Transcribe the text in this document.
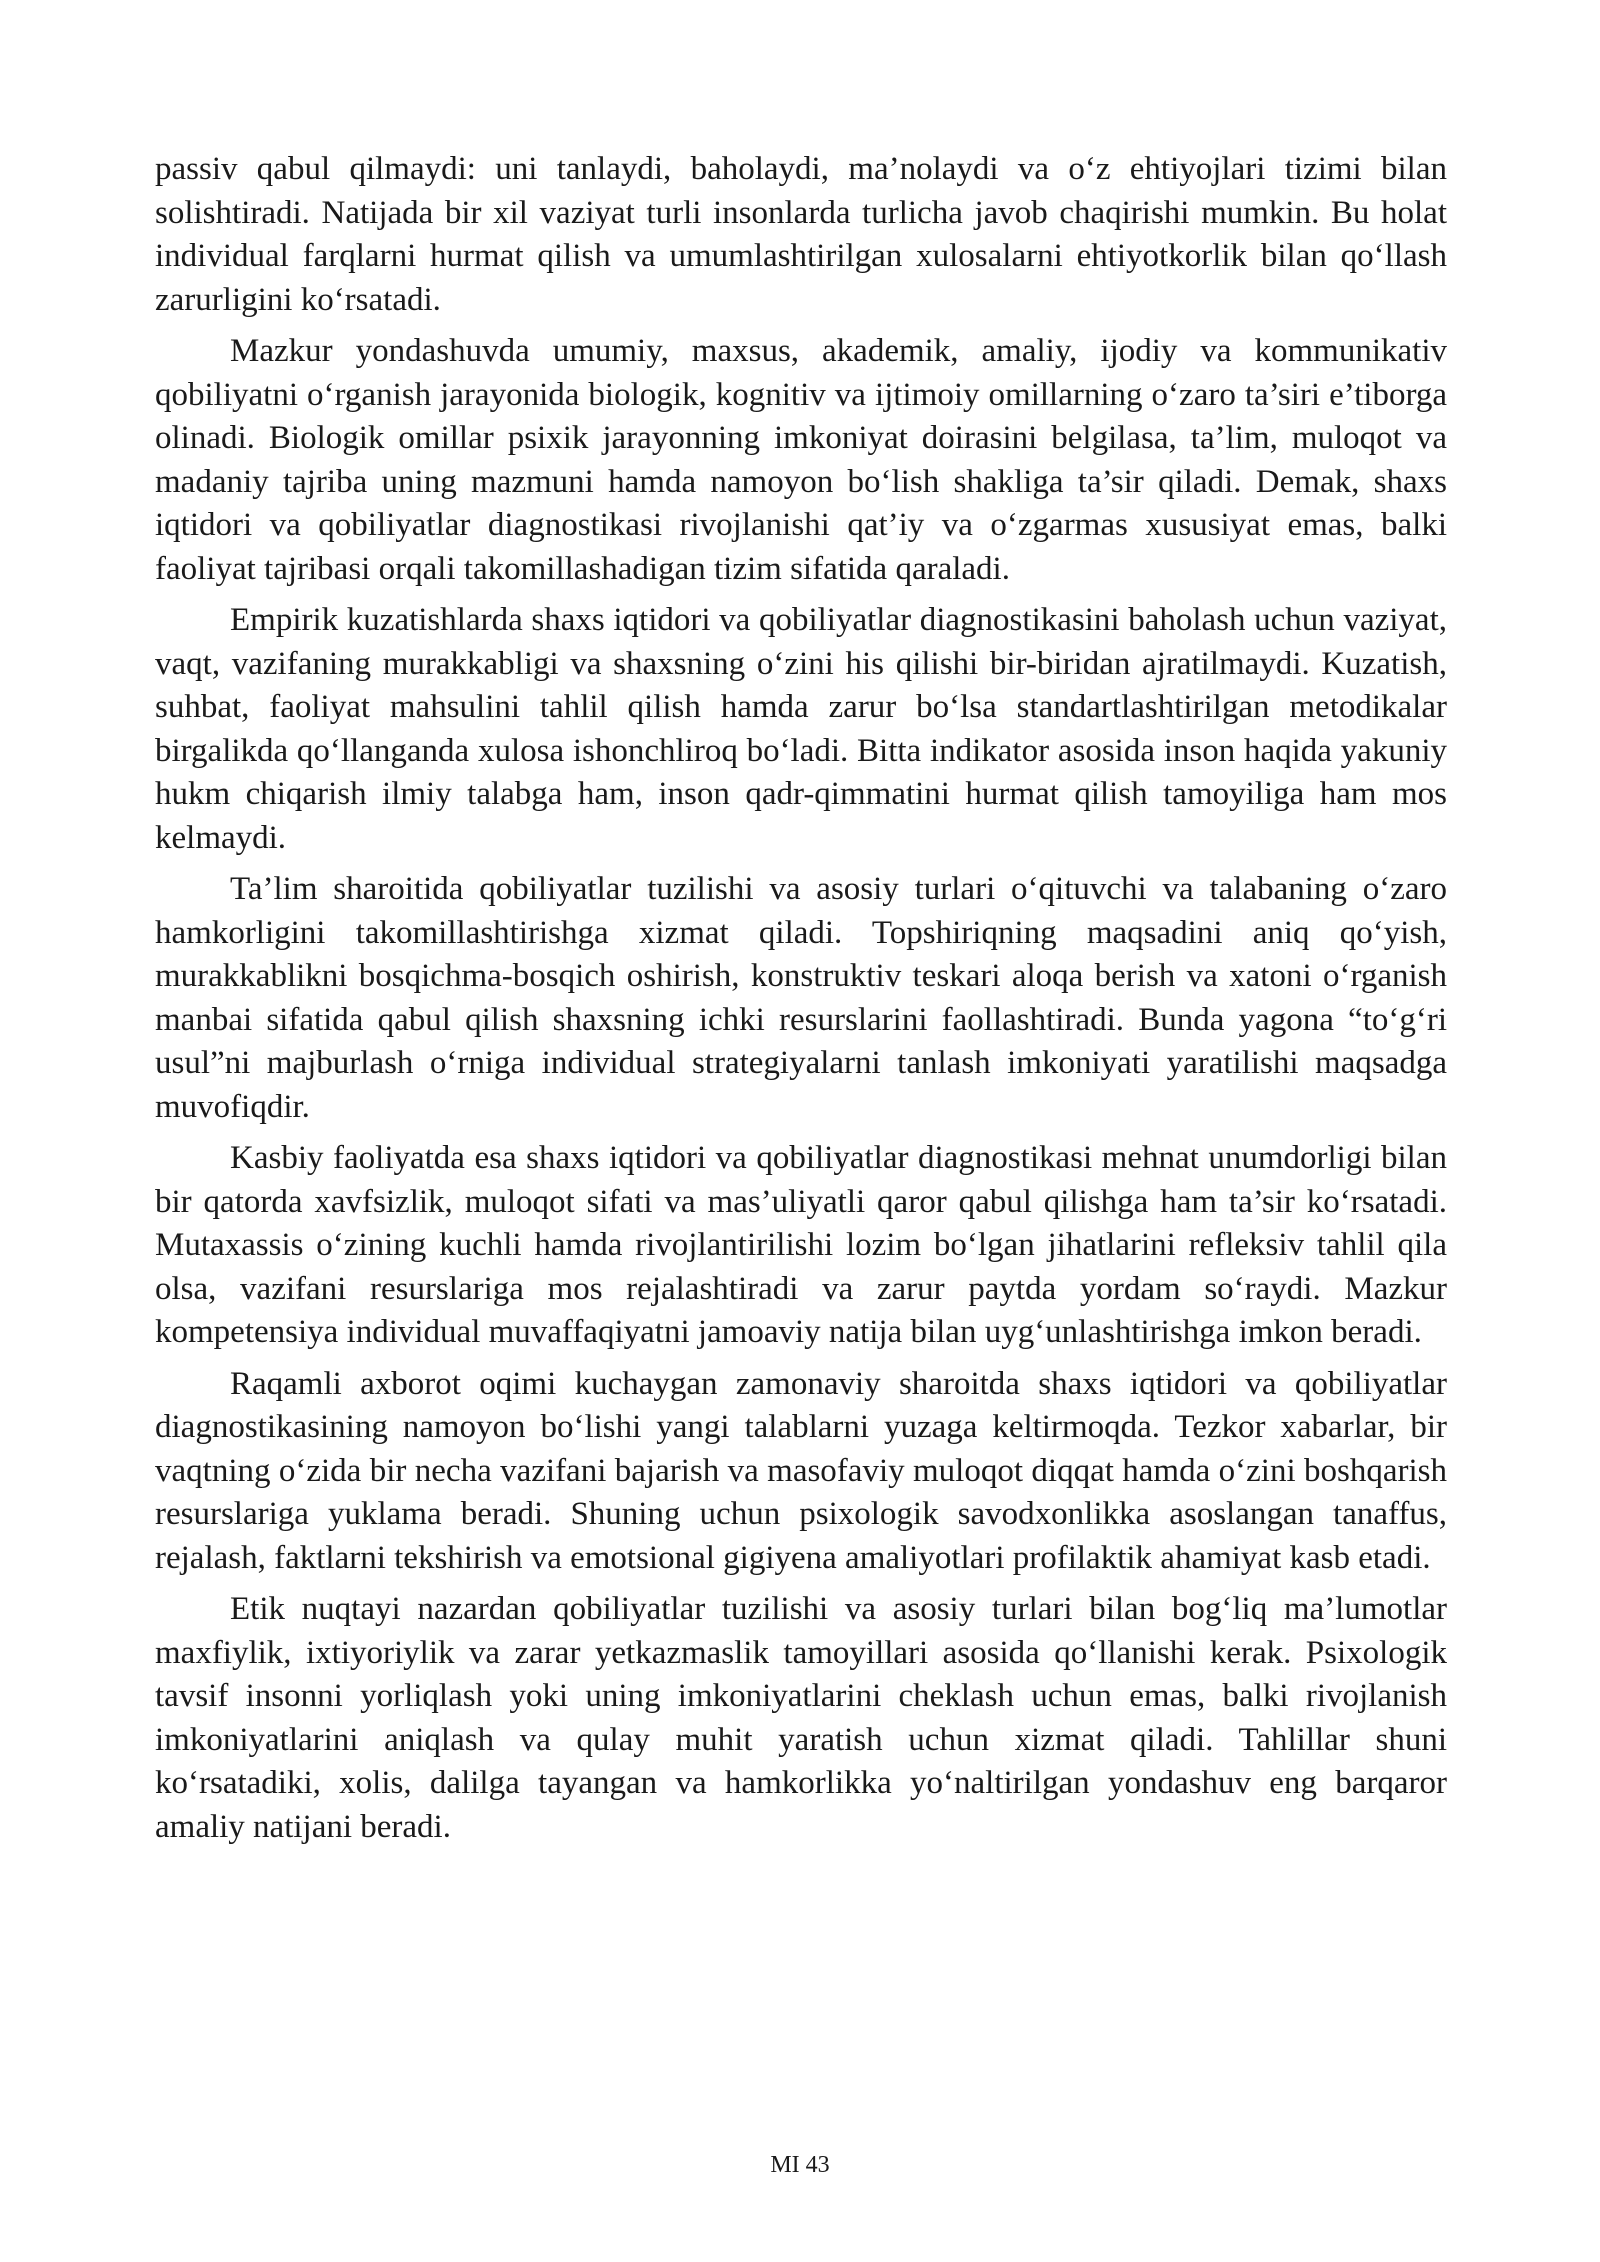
passiv qabul qilmaydi: uni tanlaydi, baholaydi, ma’nolaydi va o‘z ehtiyojlari tizimi bilan solishtiradi. Natijada bir xil vaziyat turli insonlarda turlicha javob chaqirishi mumkin. Bu holat individual farqlarni hurmat qilish va umumlashtirilgan xulosalarni ehtiyotkorlik bilan qo‘llash zarurligini ko‘rsatadi.

Mazkur yondashuvda umumiy, maxsus, akademik, amaliy, ijodiy va kommunikativ qobiliyatni o‘rganish jarayonida biologik, kognitiv va ijtimoiy omillarning o‘zaro ta’siri e’tiborga olinadi. Biologik omillar psixik jarayonning imkoniyat doirasini belgilasa, ta’lim, muloqot va madaniy tajriba uning mazmuni hamda namoyon bo‘lish shakliga ta’sir qiladi. Demak, shaxs iqtidori va qobiliyatlar diagnostikasi rivojlanishi qat’iy va o‘zgarmas xususiyat emas, balki faoliyat tajribasi orqali takomillashadigan tizim sifatida qaraladi.

Empirik kuzatishlarda shaxs iqtidori va qobiliyatlar diagnostikasini baholash uchun vaziyat, vaqt, vazifaning murakkabligi va shaxsning o‘zini his qilishi bir-biridan ajratilmaydi. Kuzatish, suhbat, faoliyat mahsulini tahlil qilish hamda zarur bo‘lsa standartlashtirilgan metodikalar birgalikda qo‘llanganda xulosa ishonchliroq bo‘ladi. Bitta indikator asosida inson haqida yakuniy hukm chiqarish ilmiy talabga ham, inson qadr-qimmatini hurmat qilish tamoyiliga ham mos kelmaydi.

Ta’lim sharoitida qobiliyatlar tuzilishi va asosiy turlari o‘qituvchi va talabaning o‘zaro hamkorligini takomillashtirishga xizmat qiladi. Topshiriqning maqsadini aniq qo‘yish, murakkablikni bosqichma-bosqich oshirish, konstruktiv teskari aloqa berish va xatoni o‘rganish manbai sifatida qabul qilish shaxsning ichki resurslarini faollashtiradi. Bunda yagona “to‘g‘ri usul”ni majburlash o‘rniga individual strategiyalarni tanlash imkoniyati yaratilishi maqsadga muvofiqdir.

Kasbiy faoliyatda esa shaxs iqtidori va qobiliyatlar diagnostikasi mehnat unumdorligi bilan bir qatorda xavfsizlik, muloqot sifati va mas’uliyatli qaror qabul qilishga ham ta’sir ko‘rsatadi. Mutaxassis o‘zining kuchli hamda rivojlantirilishi lozim bo‘lgan jihatlarini refleksiv tahlil qila olsa, vazifani resurslariga mos rejalashtiradi va zarur paytda yordam so‘raydi. Mazkur kompetensiya individual muvaffaqiyatni jamoaviy natija bilan uyg‘unlashtirishga imkon beradi.

Raqamli axborot oqimi kuchaygan zamonaviy sharoitda shaxs iqtidori va qobiliyatlar diagnostikasining namoyon bo‘lishi yangi talablarni yuzaga keltirmoqda. Tezkor xabarlar, bir vaqtning o‘zida bir necha vazifani bajarish va masofaviy muloqot diqqat hamda o‘zini boshqarish resurslariga yuklama beradi. Shuning uchun psixologik savodxonlikka asoslangan tanaffus, rejalash, faktlarni tekshirish va emotsional gigiyena amaliyotlari profilaktik ahamiyat kasb etadi.

Etik nuqtayi nazardan qobiliyatlar tuzilishi va asosiy turlari bilan bog‘liq ma’lumotlar maxfiylik, ixtiyoriylik va zarar yetkazmaslik tamoyillari asosida qo‘llanishi kerak. Psixologik tavsif insonni yorliqlash yoki uning imkoniyatlarini cheklash uchun emas, balki rivojlanish imkoniyatlarini aniqlash va qulay muhit yaratish uchun xizmat qiladi. Tahlillar shuni ko‘rsatadiki, xolis, dalilga tayangan va hamkorlikka yo‘naltirilgan yondashuv eng barqaror amaliy natijani beradi.

MI 43
